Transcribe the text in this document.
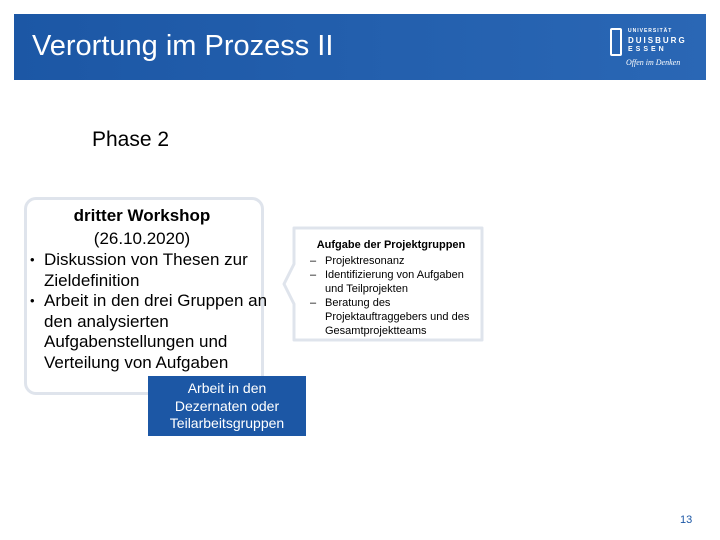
Verortung im Prozess II	UNIVERSITÄT
DUISBURG
ESSEN
Offen im Denken
Phase 2
dritter Workshop
(26.10.2020)
• Diskussion von Thesen zur Zieldefinition
• Arbeit in den drei Gruppen an den analysierten Aufgabenstellungen und Verteilung von Aufgaben
Aufgabe der Projektgruppen
– Projektresonanz
– Identifizierung von Aufgaben und Teilprojekten
– Beratung des Projektauftraggebers und des Gesamtprojektteams
Arbeit in den
Dezernaten oder
Teilarbeitsgruppen
13
